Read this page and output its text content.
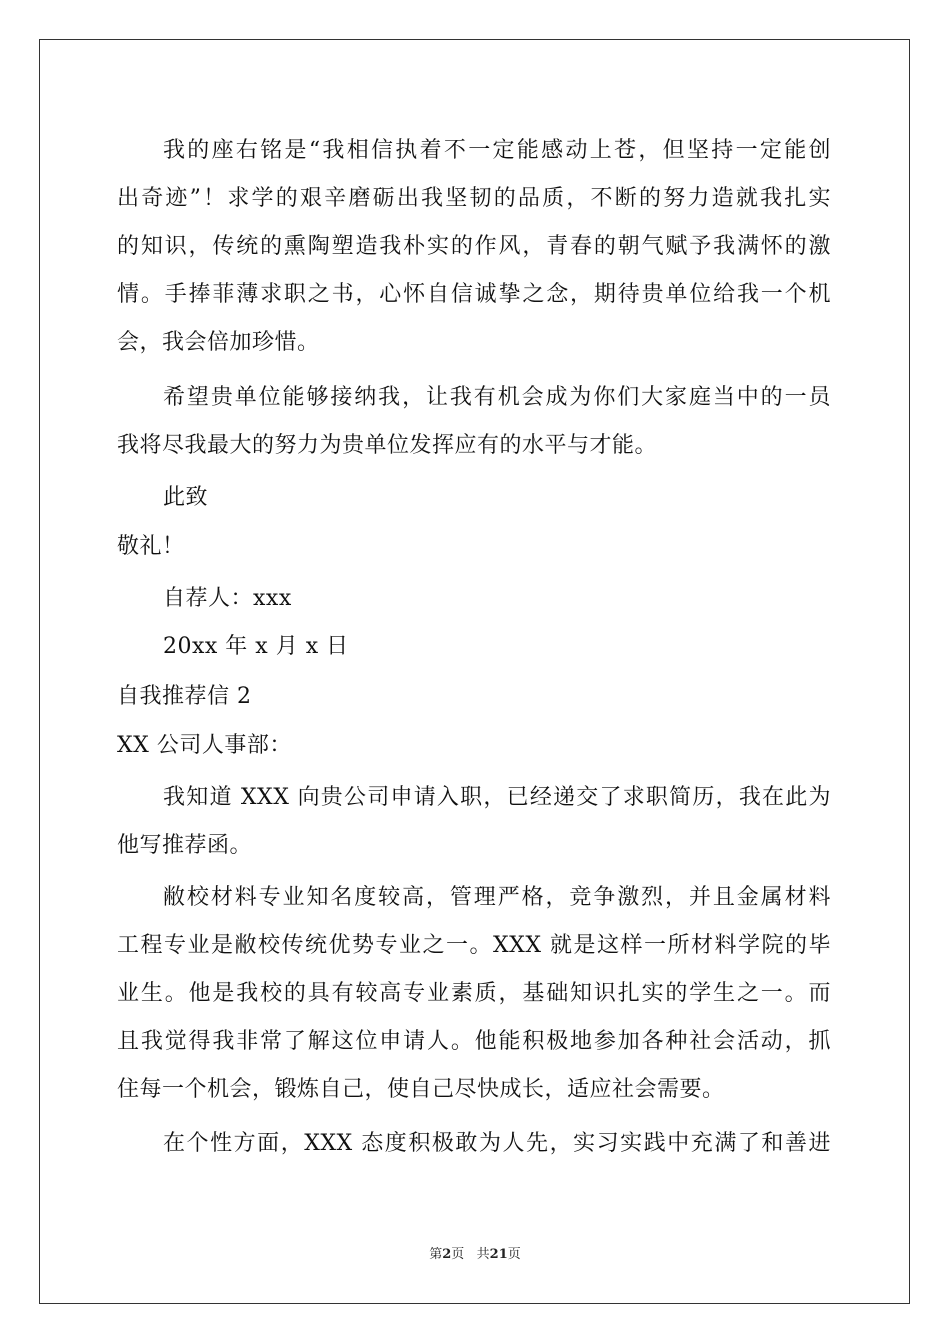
我的座右铭是“我相信执着不一定能感动上苍，但坚持一定能创
出奇迹”！求学的艰辛磨砺出我坚韧的品质，不断的努力造就我扎实
的知识，传统的熏陶塑造我朴实的作风，青春的朝气赋予我满怀的激
情。手捧菲薄求职之书，心怀自信诚挚之念，期待贵单位给我一个机
会，我会倍加珍惜。
希望贵单位能够接纳我，让我有机会成为你们大家庭当中的一员
我将尽我最大的努力为贵单位发挥应有的水平与才能。
此致
敬礼！
自荐人：xxx
20xx 年 x 月 x 日
自我推荐信 2
XX 公司人事部：
我知道 XXX 向贵公司申请入职，已经递交了求职简历，我在此为
他写推荐函。
敝校材料专业知名度较高，管理严格，竞争激烈，并且金属材料
工程专业是敝校传统优势专业之一。XXX 就是这样一所材料学院的毕
业生。他是我校的具有较高专业素质，基础知识扎实的学生之一。而
且我觉得我非常了解这位申请人。他能积极地参加各种社会活动，抓
住每一个机会，锻炼自己，使自己尽快成长，适应社会需要。
在个性方面，XXX 态度积极敢为人先，实习实践中充满了和善进
第2页   共21页
